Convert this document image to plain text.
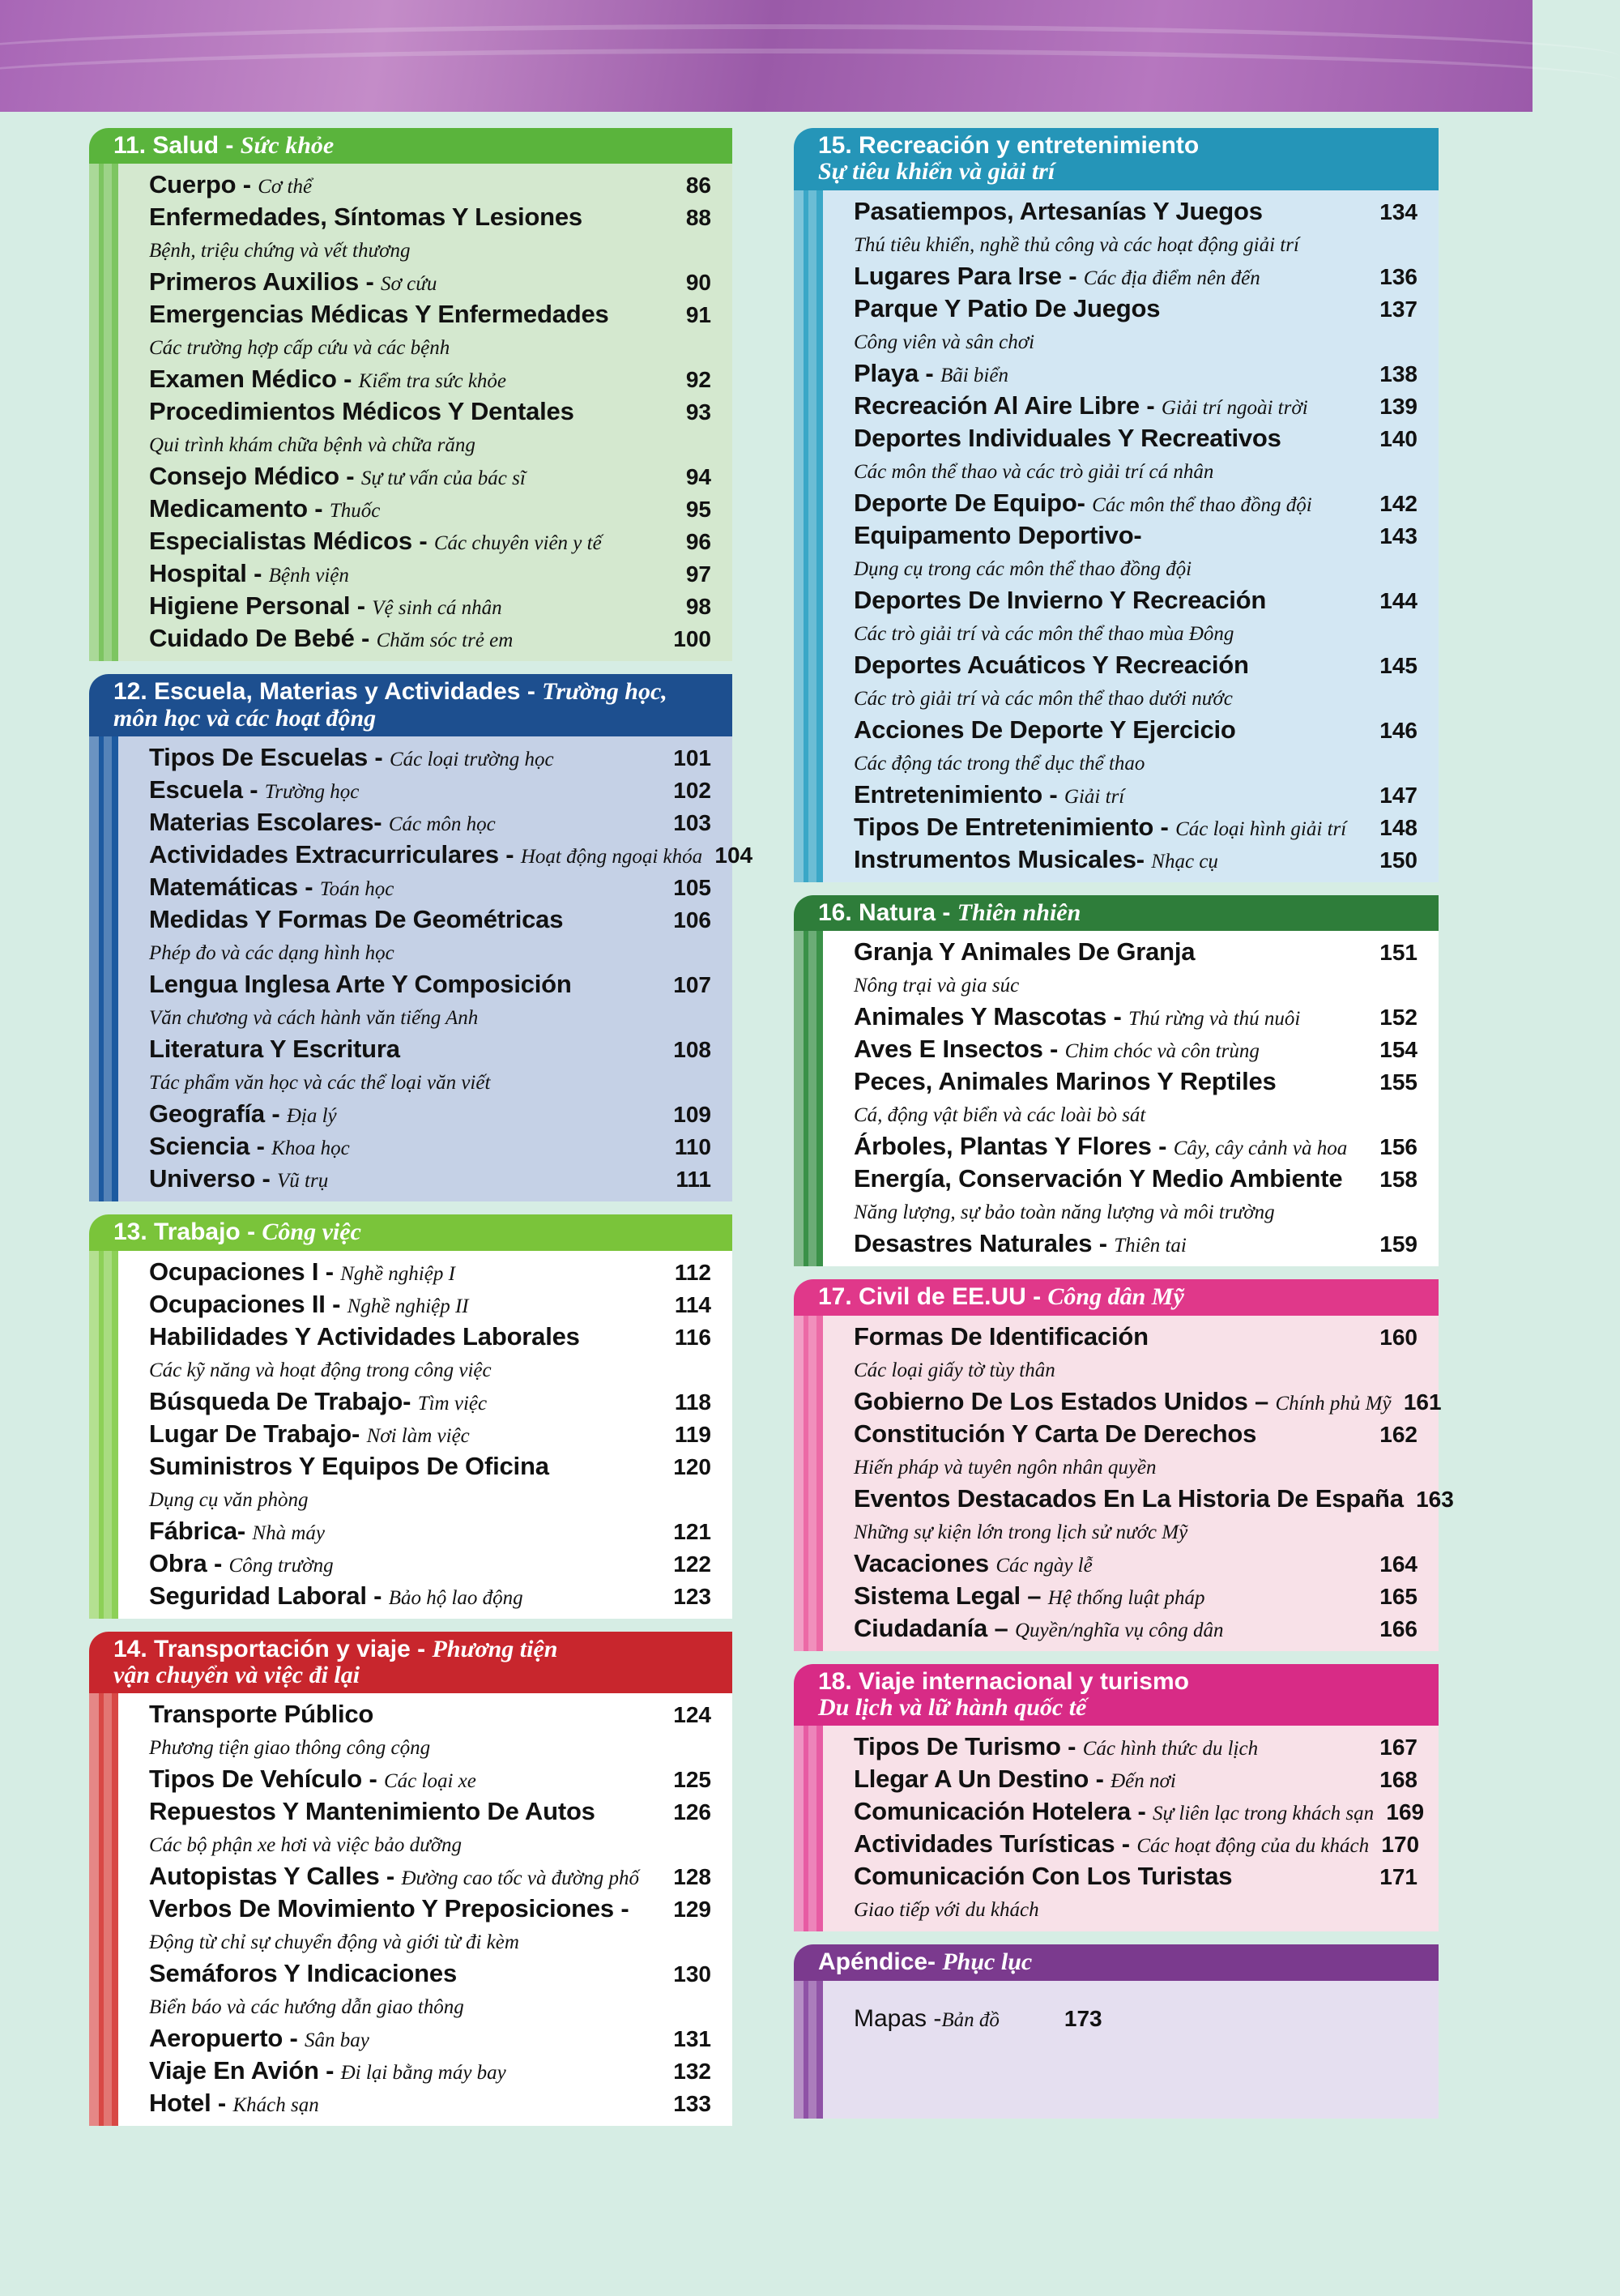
11. Salud - Sức khỏe
Cuerpo - Cơ thể	86
Enfermedades, Síntomas Y Lesiones	88
Bệnh, triệu chứng và vết thương
Primeros Auxilios - Sơ cứu	90
Emergencias Médicas Y Enfermedades	91
Các trường hợp cấp cứu và các bệnh
Examen Médico - Kiểm tra sức khỏe	92
Procedimientos Médicos Y Dentales	93
Qui trình khám chữa bệnh và chữa răng
Consejo Médico - Sự tư vấn của bác sĩ	94
Medicamento - Thuốc	95
Especialistas Médicos - Các chuyên viên y tế	96
Hospital - Bệnh viện	97
Higiene Personal - Vệ sinh cá nhân	98
Cuidado De Bebé - Chăm sóc trẻ em	100
12. Escuela, Materias y Actividades - Trường học,
môn học và các hoạt động
Tipos De Escuelas - Các loại trường học	101
Escuela - Trường học	102
Materias Escolares- Các môn học	103
Actividades Extracurriculares - Hoạt động ngoại khóa 104
Matemáticas - Toán học	105
Medidas Y Formas De Geométricas	106
Phép đo và các dạng hình học
Lengua Inglesa Arte Y Composición	107
Văn chương và cách hành văn tiếng Anh
Literatura Y Escritura	108
Tác phẩm văn học và các thể loại văn viết
Geografía - Địa lý	109
Sciencia - Khoa học	110
Universo - Vũ trụ	111
13. Trabajo - Công việc
Ocupaciones I - Nghề nghiệp I	112
Ocupaciones II - Nghề nghiệp II	114
Habilidades Y Actividades Laborales	116
Các kỹ năng và hoạt động trong công việc
Búsqueda De Trabajo- Tìm việc	118
Lugar De Trabajo- Nơi làm việc	119
Suministros Y Equipos De Oficina	120
Dụng cụ văn phòng
Fábrica- Nhà máy	121
Obra - Công trường	122
Seguridad Laboral - Bảo hộ lao động	123
14. Transportación y viaje - Phương tiện
vận chuyển và việc đi lại
Transporte Público	124
Phương tiện giao thông công cộng
Tipos De Vehículo - Các loại xe	125
Repuestos Y Mantenimiento De Autos	126
Các bộ phận xe hơi và việc bảo dưỡng
Autopistas Y Calles - Đường cao tốc và đường phố	128
Verbos De Movimiento Y Preposiciones -	129
Động từ chỉ sự chuyển động và giới từ đi kèm
Semáforos Y Indicaciones	130
Biển báo và các hướng dẫn giao thông
Aeropuerto - Sân bay	131
Viaje En Avión - Đi lại bằng máy bay	132
Hotel - Khách sạn	133
15. Recreación y entretenimiento
Sự tiêu khiển và giải trí
Pasatiempos, Artesanías Y Juegos	134
Thú tiêu khiển, nghề thủ công và các hoạt động giải trí
Lugares Para Irse - Các địa điểm nên đến	136
Parque Y Patio De Juegos	137
Công viên và sân chơi
Playa - Bãi biển	138
Recreación Al Aire Libre - Giải trí ngoài trời	139
Deportes Individuales Y Recreativos	140
Các môn thể thao và các trò giải trí cá nhân
Deporte De Equipo- Các môn thể thao đồng đội	142
Equipamento Deportivo-	143
Dụng cụ trong các môn thể thao đồng đội
Deportes De Invierno Y Recreación	144
Các trò giải trí và các môn thể thao mùa Đông
Deportes Acuáticos Y Recreación	145
Các trò giải trí và các môn thể thao dưới nước
Acciones De Deporte Y Ejercicio	146
Các động tác trong thể dục thể thao
Entretenimiento - Giải trí	147
Tipos De Entretenimiento - Các loại hình giải trí	148
Instrumentos Musicales- Nhạc cụ	150
16. Natura - Thiên nhiên
Granja Y Animales De Granja	151
Nông trại và gia súc
Animales Y Mascotas - Thú rừng và thú nuôi	152
Aves E Insectos - Chim chóc và côn trùng	154
Peces, Animales Marinos Y Reptiles	155
Cá, động vật biển và các loài bò sát
Árboles, Plantas Y Flores - Cây, cây cảnh và hoa	156
Energía, Conservación Y Medio Ambiente	158
Năng lượng, sự bảo toàn năng lượng và môi trường
Desastres Naturales - Thiên tai	159
17. Civil de EE.UU - Công dân Mỹ
Formas De Identificación	160
Các loại giấy tờ tùy thân
Gobierno De Los Estados Unidos – Chính phủ Mỹ 161
Constitución Y Carta De Derechos	162
Hiến pháp và tuyên ngôn nhân quyền
Eventos Destacados En La Historia De España 163
Những sự kiện lớn trong lịch sử nước Mỹ
Vacaciones Các ngày lễ	164
Sistema Legal – Hệ thống luật pháp	165
Ciudadanía – Quyền/nghĩa vụ công dân	166
18. Viaje internacional y turismo
Du lịch và lữ hành quốc tế
Tipos De Turismo - Các hình thức du lịch	167
Llegar A Un Destino - Đến nơi	168
Comunicación Hotelera - Sự liên lạc trong khách sạn 169
Actividades Turísticas - Các hoạt động của du khách 170
Comunicación Con Los Turistas	171
Giao tiếp với du khách
Apéndice- Phục lục
Mapas - Bản đồ	173
